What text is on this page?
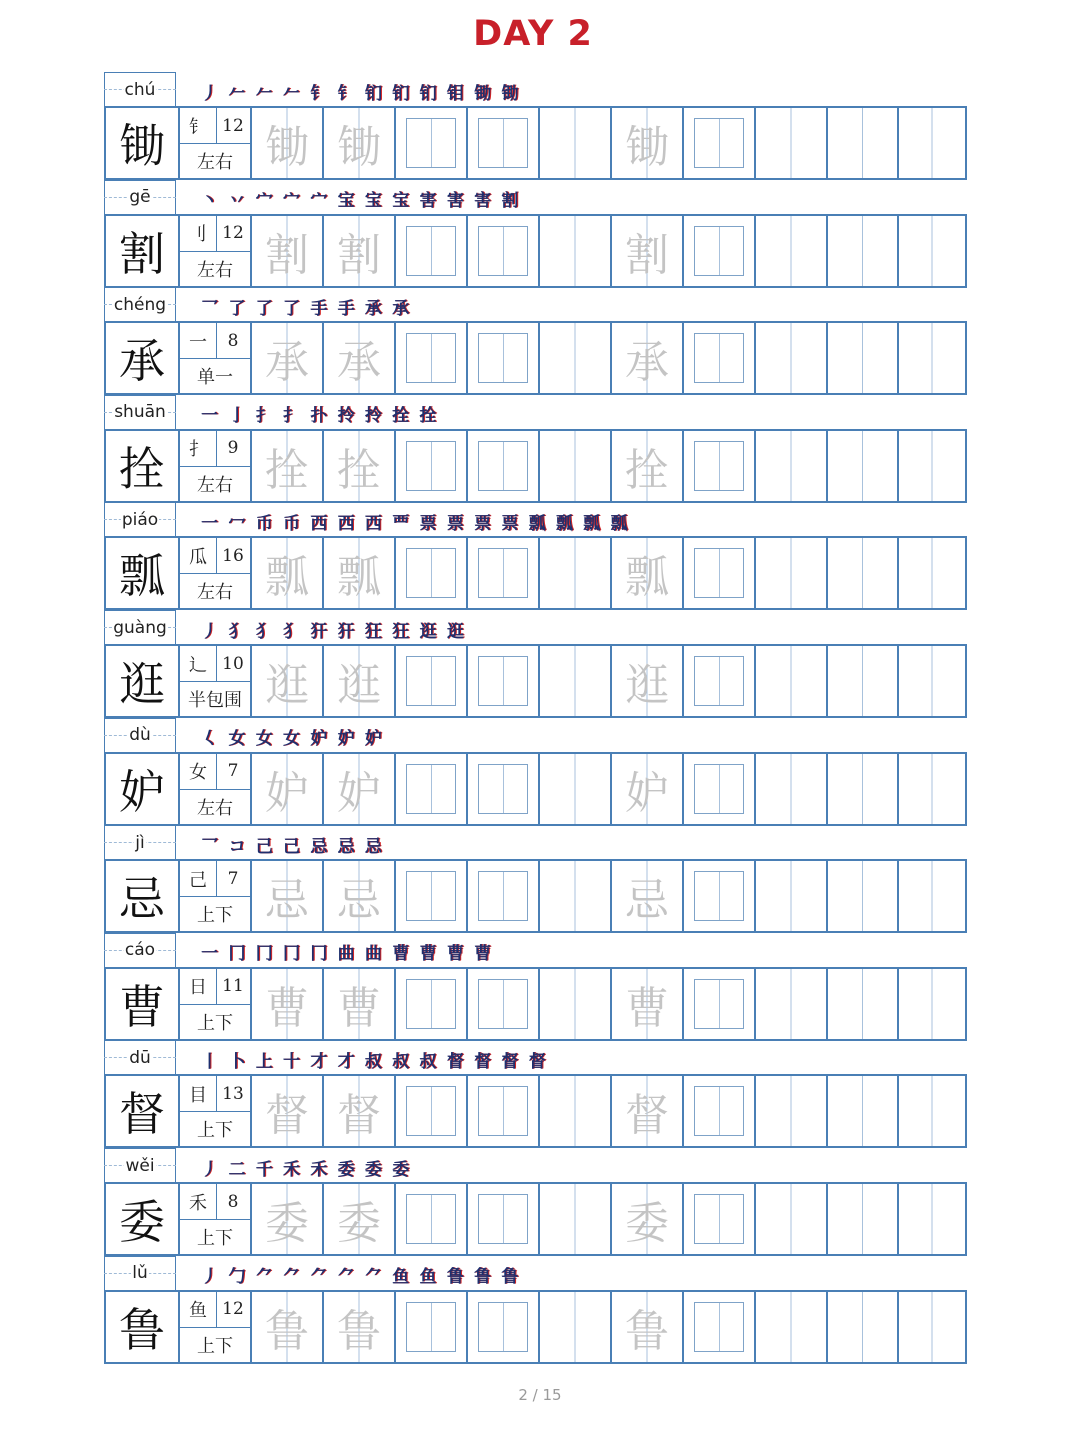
DAY 2
chú	丿 𠂉 𠂉 𠂉 钅 钅 钔 钔 钔 钼 锄 锄
锄	钅 12
左右 锄 锄	锄
gē	丶 丷 宀 宀 宀 宝 宝 宝 害 害 害 割
割	刂 12
左右 割 割	割
chéng	乛 了 了 了 手 手 承 承
承	一	8
单一 承 承	承
shuān	一 亅 扌 扌 扑 拎 拎 拴 拴
拴	扌	9
左右 拴 拴	拴
piáo	一 冖 币 币 西 西 西 覀 票 票 票 票 瓢 瓢 瓢 瓢
瓢	瓜 16
左右 瓢 瓢	瓢
guàng	丿 犭 犭 犭 犴 犴 狂 狂 逛 逛
逛	辶 10
半包围 逛 逛	逛
dù	𡿨 女 女 女 妒 妒 妒
妒	女	7
左右 妒 妒	妒
jì	乛 コ 己 己 忌 忌 忌
忌	己	7
上下 忌 忌	忌
cáo	一 冂 冂 冂 冂 曲 曲 曹 曹 曹 曹
曹	日 11
上下 曹 曹	曹
dū	丨 卜 上 十 才 才 叔 叔 叔 督 督 督 督
督	目 13
上下 督 督	督
wěi	丿 二 千 禾 禾 委 委 委
委	禾	8
上下 委 委	委
lǔ	丿 勹 ⺈ ⺈ ⺈ ⺈ ⺈ 鱼 鱼 鲁 鲁 鲁
鲁	鱼 12
上下 鲁 鲁	鲁
2 / 15
